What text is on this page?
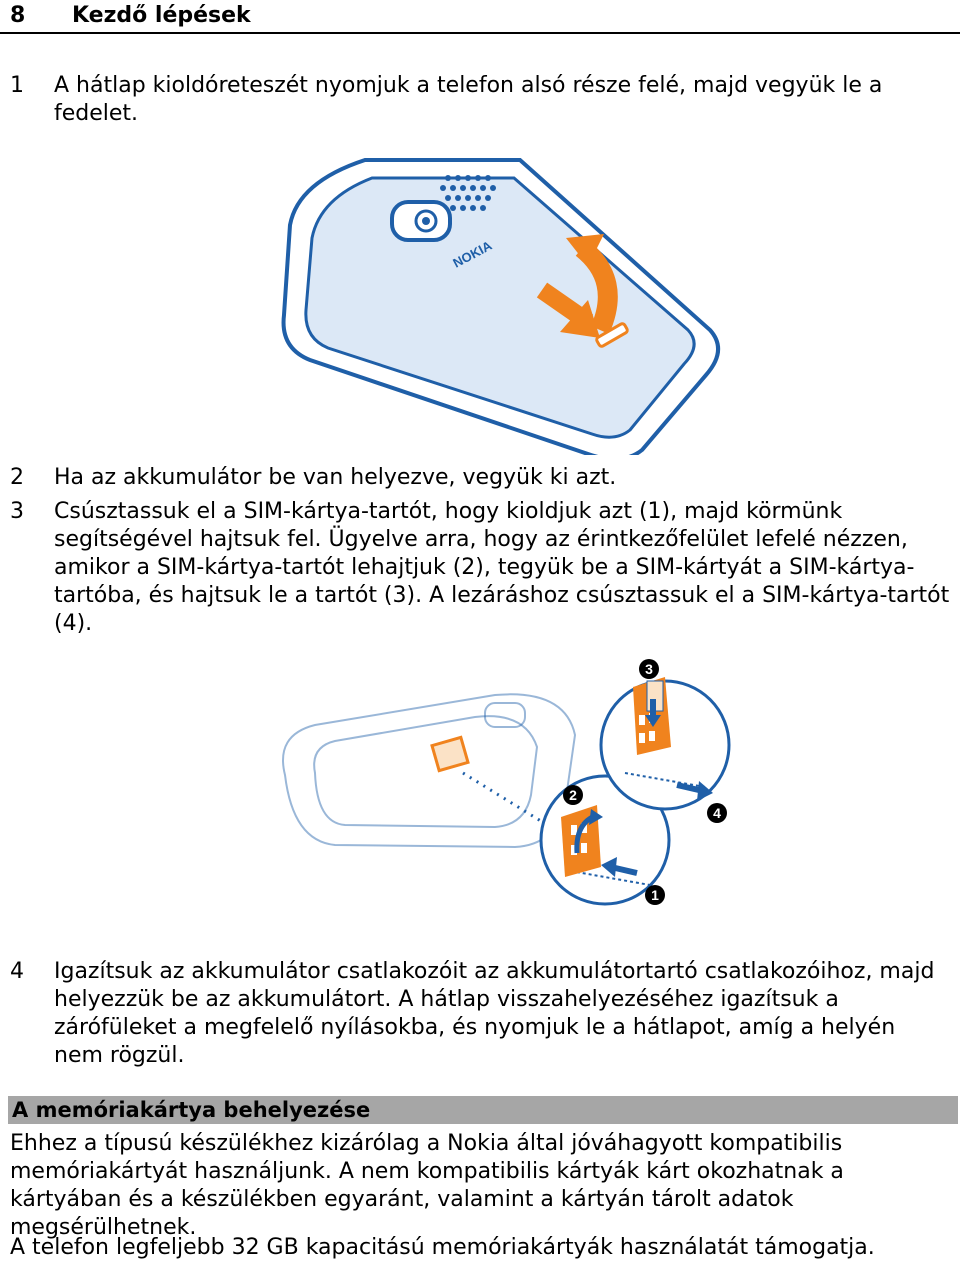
8 Kezdő lépések
1 A hátlap kioldóreteszét nyomjuk a telefon alsó része felé, majd vegyük le a fedelet.
NOKIA
2 Ha az akkumulátor be van helyezve, vegyük ki azt.
3 Csúsztassuk el a SIM-kártya-tartót, hogy kioldjuk azt (1), majd körmünk segítségével hajtsuk fel. Ügyelve arra, hogy az érintkezőfelület lefelé nézzen, amikor a SIM-kártya-tartót lehajtjuk (2), tegyük be a SIM-kártyát a SIM-kártya-tartóba, és hajtsuk le a tartót (3). A lezáráshoz csúsztassuk el a SIM-kártya-tartót (4).
1
2
3
4
4 Igazítsuk az akkumulátor csatlakozóit az akkumulátortartó csatlakozóihoz, majd helyezzük be az akkumulátort. A hátlap visszahelyezéséhez igazítsuk a zárófüleket a megfelelő nyílásokba, és nyomjuk le a hátlapot, amíg a helyén nem rögzül.
A memóriakártya behelyezése
Ehhez a típusú készülékhez kizárólag a Nokia által jóváhagyott kompatibilis memóriakártyát használjunk. A nem kompatibilis kártyák kárt okozhatnak a kártyában és a készülékben egyaránt, valamint a kártyán tárolt adatok megsérülhetnek.
A telefon legfeljebb 32 GB kapacitású memóriakártyák használatát támogatja.
